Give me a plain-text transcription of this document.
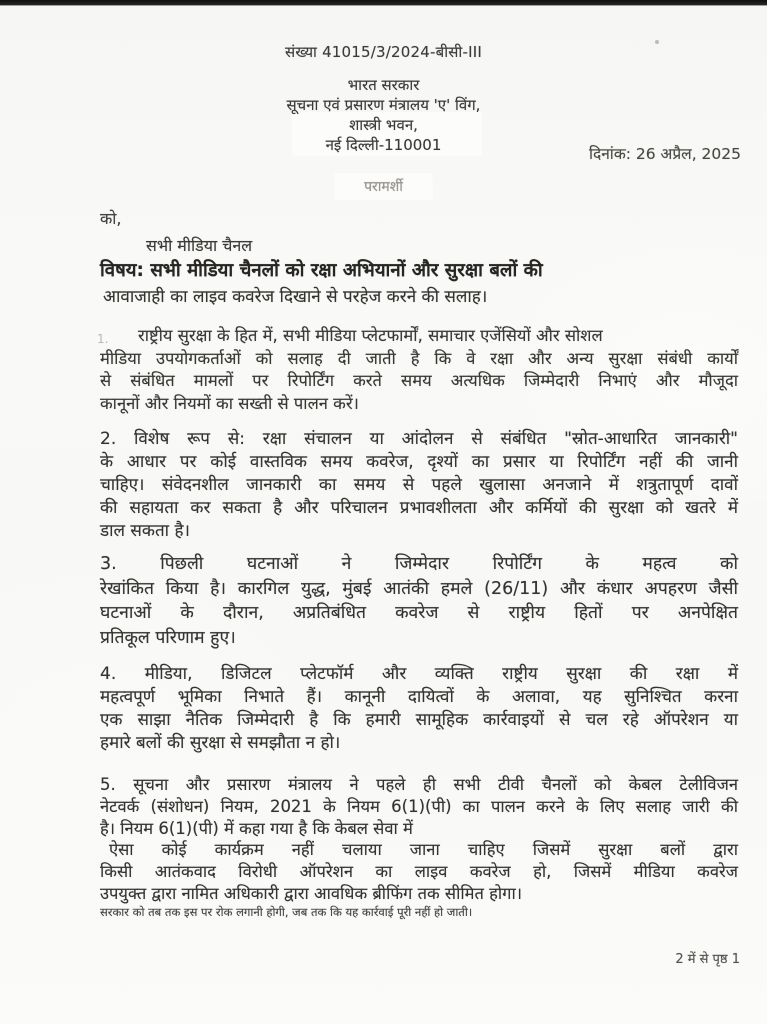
संख्या 41015/3/2024-बीसी-III
भारत सरकार
सूचना एवं प्रसारण मंत्रालय 'ए' विंग,
शास्त्री भवन,
नई दिल्ली-110001	दिनांक: 26 अप्रैल, 2025
परामर्शी
को,
सभी मीडिया चैनल
विषय: सभी मीडिया चैनलों को रक्षा अभियानों और सुरक्षा बलों की
आवाजाही का लाइव कवरेज दिखाने से परहेज करने की सलाह।
1. राष्ट्रीय सुरक्षा के हित में, सभी मीडिया प्लेटफार्मों, समाचार एजेंसियों और सोशल
मीडिया उपयोगकर्ताओं को सलाह दी जाती है कि वे रक्षा और अन्य सुरक्षा संबंधी कार्यों
से संबंधित मामलों पर रिपोर्टिंग करते समय अत्यधिक जिम्मेदारी निभाएं और मौजूदा
कानूनों और नियमों का सख्ती से पालन करें।
2. विशेष रूप से: रक्षा संचालन या आंदोलन से संबंधित "स्रोत-आधारित जानकारी"
के आधार पर कोई वास्तविक समय कवरेज, दृश्यों का प्रसार या रिपोर्टिंग नहीं की जानी
चाहिए। संवेदनशील जानकारी का समय से पहले खुलासा अनजाने में शत्रुतापूर्ण दावों
की सहायता कर सकता है और परिचालन प्रभावशीलता और कर्मियों की सुरक्षा को खतरे में
डाल सकता है।
3. पिछली घटनाओं ने जिम्मेदार रिपोर्टिंग के महत्व को
रेखांकित किया है। कारगिल युद्ध, मुंबई आतंकी हमले (26/11) और कंधार अपहरण जैसी
घटनाओं के दौरान, अप्रतिबंधित कवरेज से राष्ट्रीय हितों पर अनपेक्षित
प्रतिकूल परिणाम हुए।
4. मीडिया, डिजिटल प्लेटफॉर्म और व्यक्ति राष्ट्रीय सुरक्षा की रक्षा में
महत्वपूर्ण भूमिका निभाते हैं। कानूनी दायित्वों के अलावा, यह सुनिश्चित करना
एक साझा नैतिक जिम्मेदारी है कि हमारी सामूहिक कार्रवाइयों से चल रहे ऑपरेशन या
हमारे बलों की सुरक्षा से समझौता न हो।
5. सूचना और प्रसारण मंत्रालय ने पहले ही सभी टीवी चैनलों को केबल टेलीविजन
नेटवर्क (संशोधन) नियम, 2021 के नियम 6(1)(पी) का पालन करने के लिए सलाह जारी की
है। नियम 6(1)(पी) में कहा गया है कि केबल सेवा में
ऐसा कोई कार्यक्रम नहीं चलाया जाना चाहिए जिसमें सुरक्षा बलों द्वारा
किसी आतंकवाद विरोधी ऑपरेशन का लाइव कवरेज हो, जिसमें मीडिया कवरेज
उपयुक्त द्वारा नामित अधिकारी द्वारा आवधिक ब्रीफिंग तक सीमित होगा।
सरकार को तब तक इस पर रोक लगानी होगी, जब तक कि यह कार्रवाई पूरी नहीं हो जाती।
2 में से पृष्ठ 1
